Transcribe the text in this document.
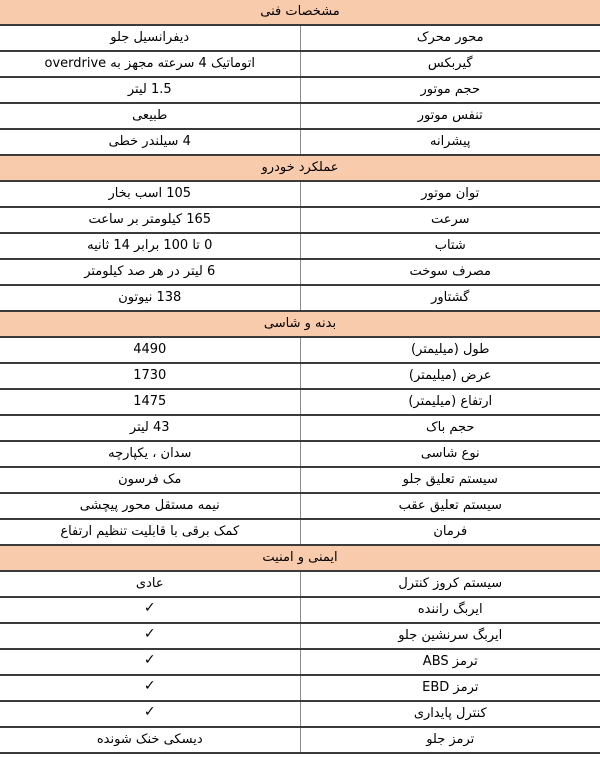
مشخصات فنی	
محور محرک	دیفرانسیل جلو
گیربکس	اتوماتیک 4 سرعته مجهز به overdrive
حجم موتور	1.5 لیتر
تنفس موتور	طبیعی
پیشرانه	4 سیلندر خطی
عملکرد خودرو	
توان موتور	105 اسب بخار
سرعت	165 کیلومتر بر ساعت
شتاب	0 تا 100 برابر 14 ثانیه
مصرف سوخت	6 لیتر در هر صد کیلومتر
گشتاور	138 نیوتون
بدنه و شاسی	
طول (میلیمتر)	4490
عرض (میلیمتر)	1730
ارتفاع (میلیمتر)	1475
حجم باک	43 لیتر
نوع شاسی	سدان ، یکپارچه
سیستم تعلیق جلو	مک فرسون
سیستم تعلیق عقب	نیمه مستقل محور پیچشی
فرمان	کمک برقی با قابلیت تنظیم ارتفاع
ایمنی و امنیت	
سیستم کروز کنترل	عادی
ایربگ راننده	✓
ایربگ سرنشین جلو	✓
ترمز ABS	✓
ترمز EBD	✓
کنترل پایداری	✓
ترمز جلو	دیسکی خنک شونده
